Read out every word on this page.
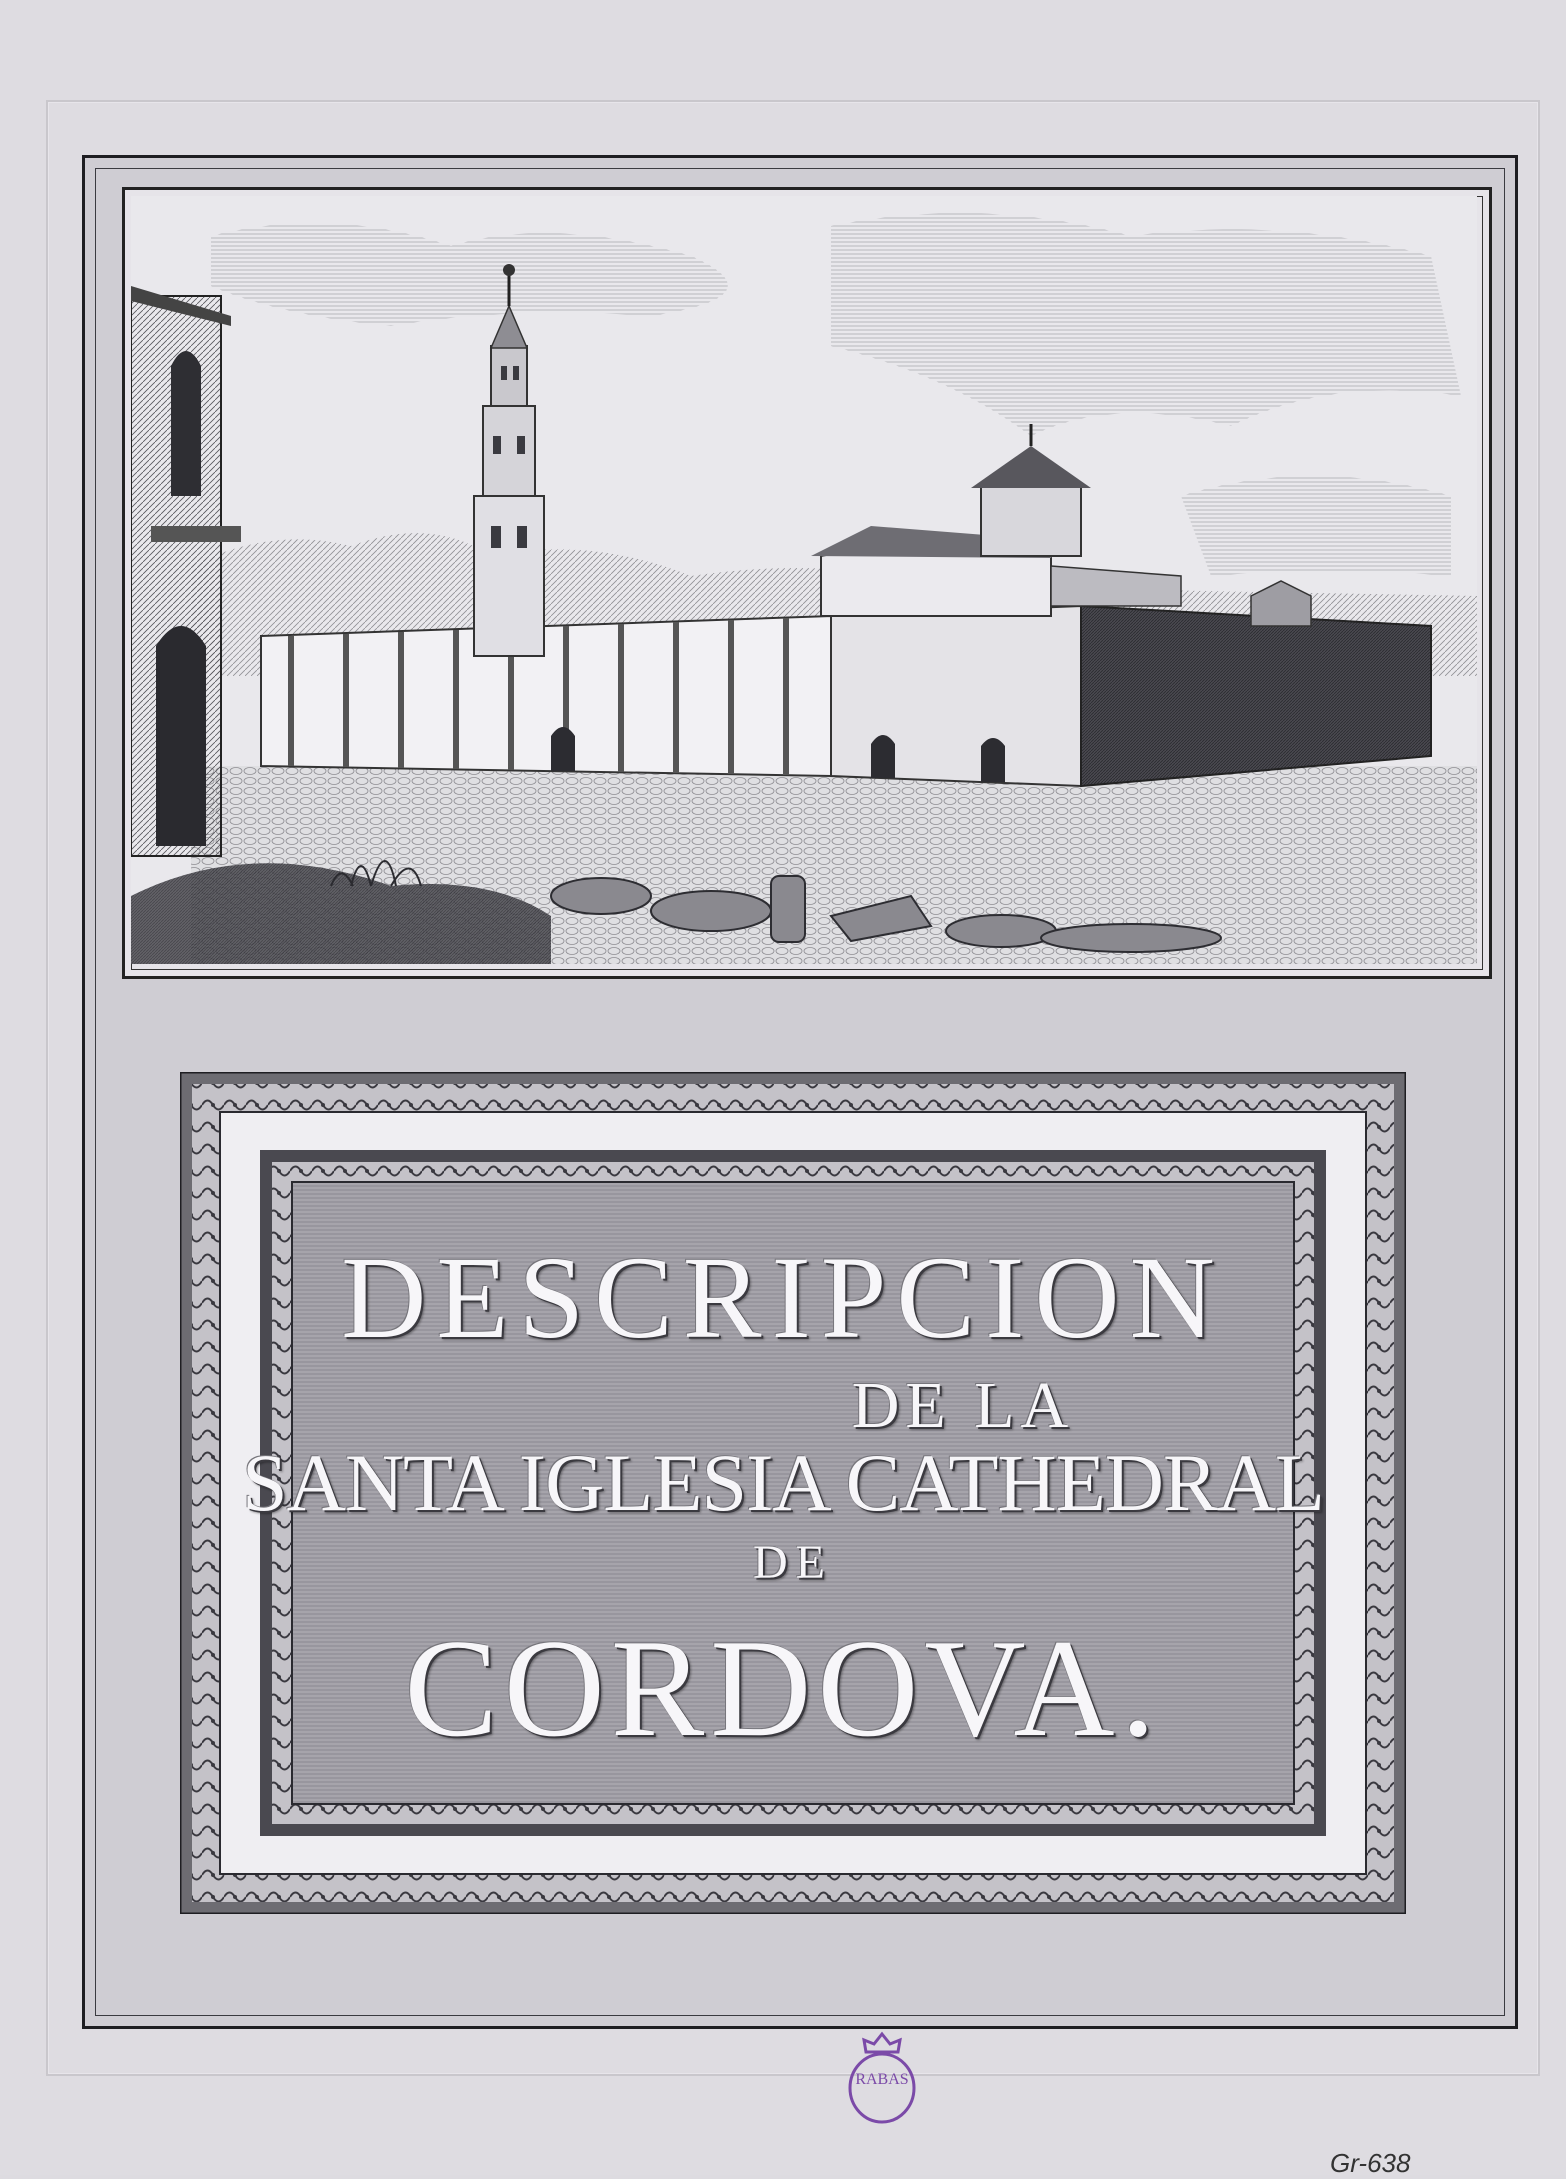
DESCRIPCION
DE LA
SANTA IGLESIA CATHEDRAL
DE
CORDOVA.
RABAS
Gr-638
